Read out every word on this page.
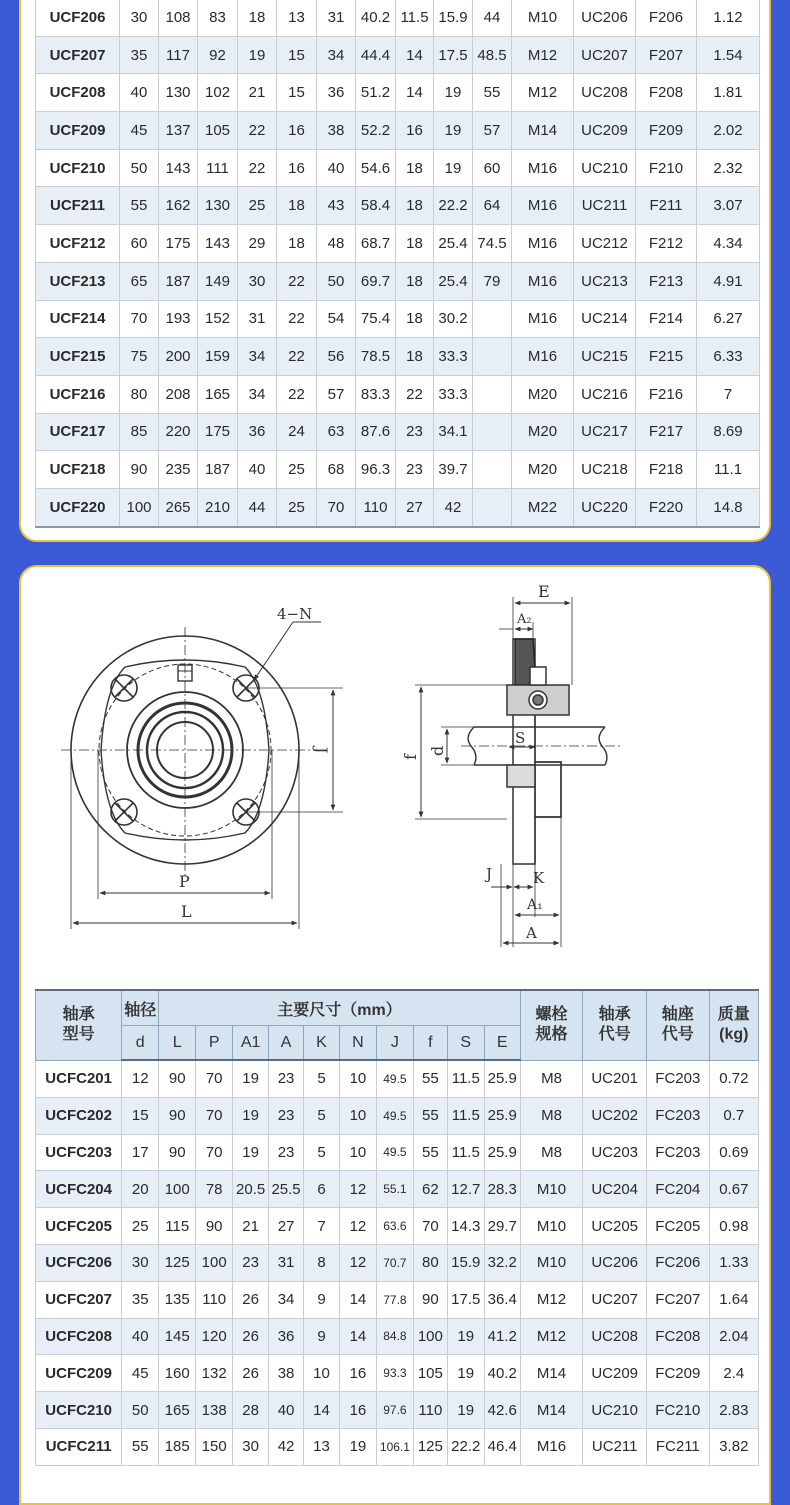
UCF206	30	108	83	18	13	31	40.2	11.5	15.9	44	M10	UC206	F206	1.12
UCF207	35	117	92	19	15	34	44.4	14	17.5	48.5	M12	UC207	F207	1.54
UCF208	40	130	102	21	15	36	51.2	14	19	55	M12	UC208	F208	1.81
UCF209	45	137	105	22	16	38	52.2	16	19	57	M14	UC209	F209	2.02
UCF210	50	143	111	22	16	40	54.6	18	19	60	M16	UC210	F210	2.32
UCF211	55	162	130	25	18	43	58.4	18	22.2	64	M16	UC211	F211	3.07
UCF212	60	175	143	29	18	48	68.7	18	25.4	74.5	M16	UC212	F212	4.34
UCF213	65	187	149	30	22	50	69.7	18	25.4	79	M16	UC213	F213	4.91
UCF214	70	193	152	31	22	54	75.4	18	30.2		M16	UC214	F214	6.27
UCF215	75	200	159	34	22	56	78.5	18	33.3		M16	UC215	F215	6.33
UCF216	80	208	165	34	22	57	83.3	22	33.3		M20	UC216	F216	7
UCF217	85	220	175	36	24	63	87.6	23	34.1		M20	UC217	F217	8.69
UCF218	90	235	187	40	25	68	96.3	23	39.7		M20	UC218	F218	11.1
UCF220	100	265	210	44	25	70	110	27	42		M22	UC220	F220	14.8
4−N
J
P
L
E
A₂
f
d
S
J	K
A₁
A
轴承型号	轴径	主要尺寸（mm）										螺栓规格	轴承代号	轴座代号	质量(kg)
	d	L	P	A1	A	K	N	J	f	S	E				
UCFC201	12	90	70	19	23	5	10	49.5	55	11.5	25.9	M8	UC201	FC203	0.72
UCFC202	15	90	70	19	23	5	10	49.5	55	11.5	25.9	M8	UC202	FC203	0.7
UCFC203	17	90	70	19	23	5	10	49.5	55	11.5	25.9	M8	UC203	FC203	0.69
UCFC204	20	100	78	20.5	25.5	6	12	55.1	62	12.7	28.3	M10	UC204	FC204	0.67
UCFC205	25	115	90	21	27	7	12	63.6	70	14.3	29.7	M10	UC205	FC205	0.98
UCFC206	30	125	100	23	31	8	12	70.7	80	15.9	32.2	M10	UC206	FC206	1.33
UCFC207	35	135	110	26	34	9	14	77.8	90	17.5	36.4	M12	UC207	FC207	1.64
UCFC208	40	145	120	26	36	9	14	84.8	100	19	41.2	M12	UC208	FC208	2.04
UCFC209	45	160	132	26	38	10	16	93.3	105	19	40.2	M14	UC209	FC209	2.4
UCFC210	50	165	138	28	40	14	16	97.6	110	19	42.6	M14	UC210	FC210	2.83
UCFC211	55	185	150	30	42	13	19	106.1	125	22.2	46.4	M16	UC211	FC211	3.82
